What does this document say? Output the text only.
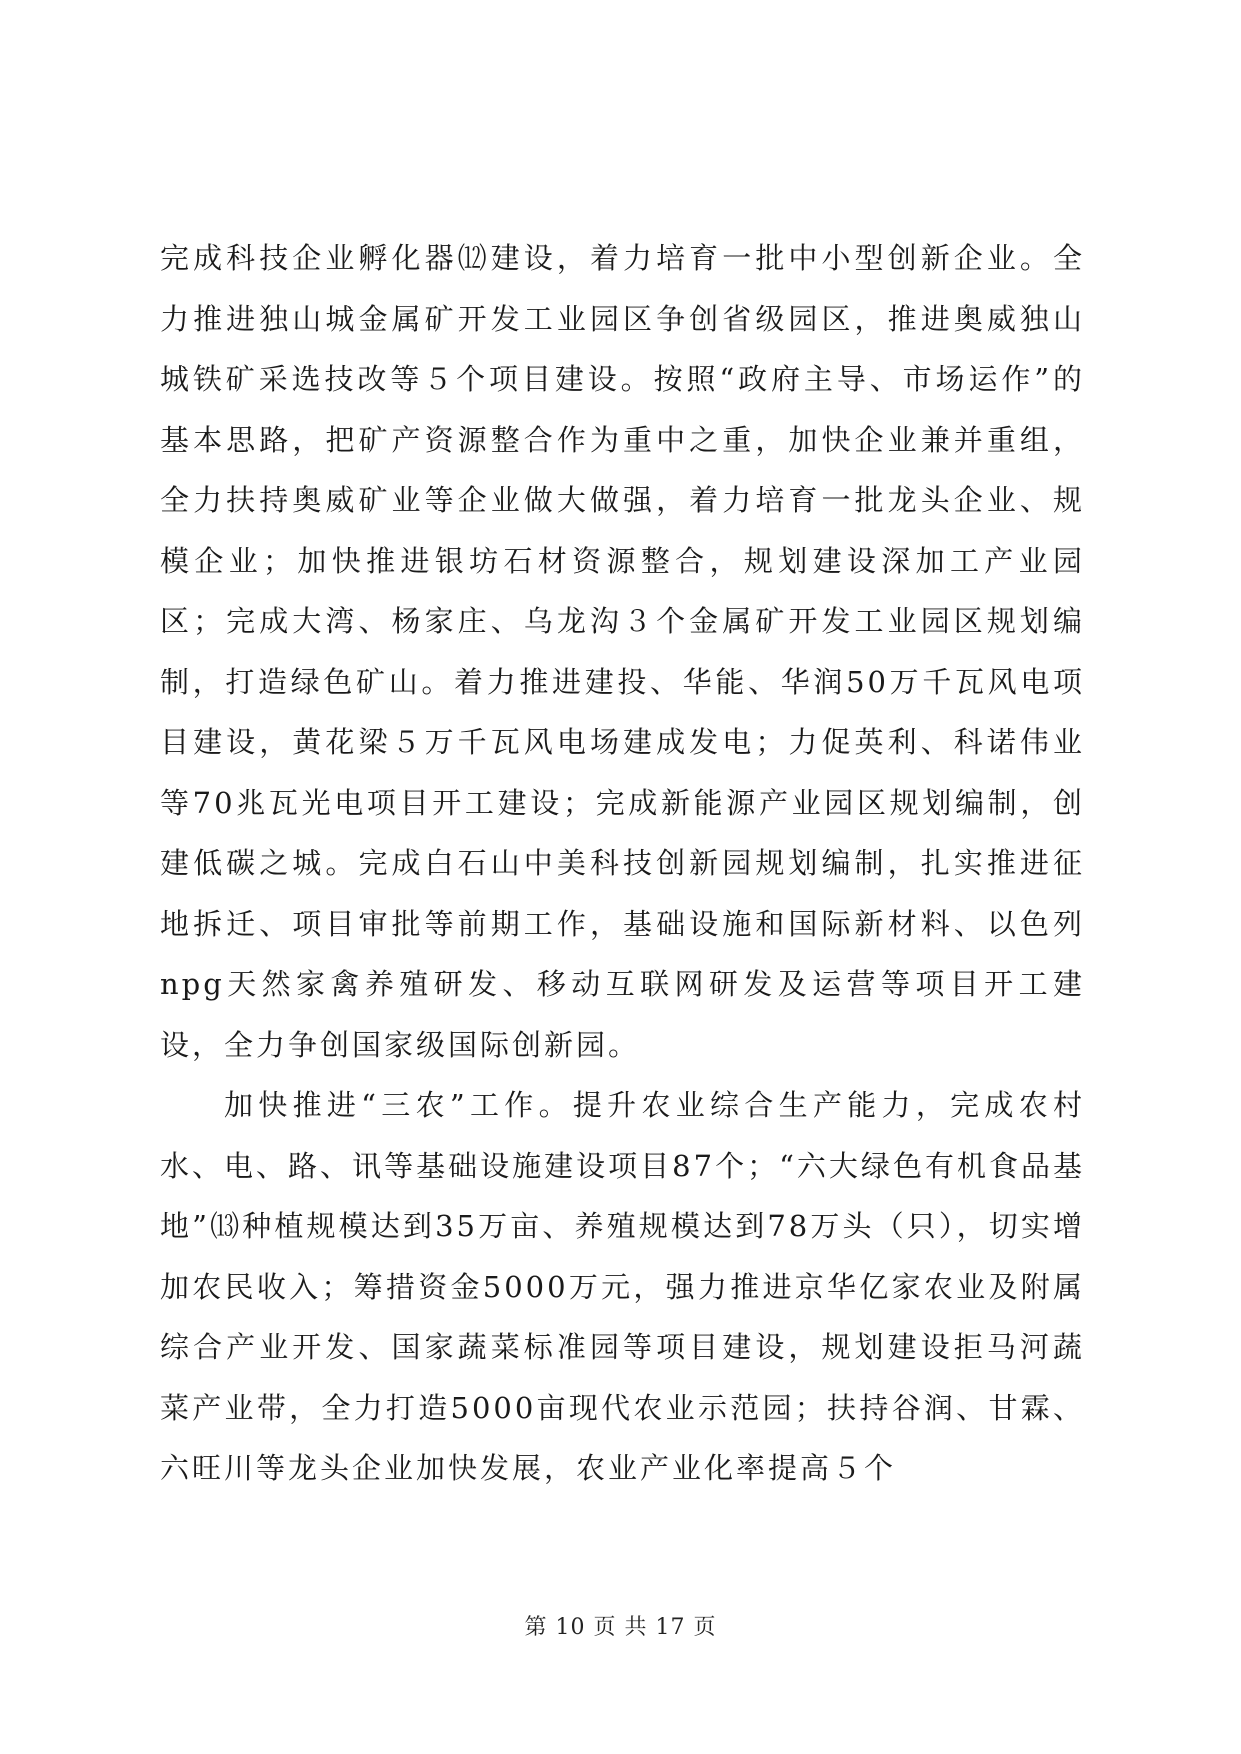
完成科技企业孵化器⑿建设，着力培育一批中小型创新企业。全力推进独山城金属矿开发工业园区争创省级园区，推进奥威独山城铁矿采选技改等５个项目建设。按照“政府主导、市场运作”的基本思路，把矿产资源整合作为重中之重，加快企业兼并重组，全力扶持奥威矿业等企业做大做强，着力培育一批龙头企业、规模企业；加快推进银坊石材资源整合，规划建设深加工产业园区；完成大湾、杨家庄、乌龙沟３个金属矿开发工业园区规划编制，打造绿色矿山。着力推进建投、华能、华润50万千瓦风电项目建设，黄花梁５万千瓦风电场建成发电；力促英利、科诺伟业等70兆瓦光电项目开工建设；完成新能源产业园区规划编制，创建低碳之城。完成白石山中美科技创新园规划编制，扎实推进征地拆迁、项目审批等前期工作，基础设施和国际新材料、以色列npg天然家禽养殖研发、移动互联网研发及运营等项目开工建设，全力争创国家级国际创新园。

加快推进“三农”工作。提升农业综合生产能力，完成农村水、电、路、讯等基础设施建设项目87个；“六大绿色有机食品基地”⒀种植规模达到35万亩、养殖规模达到78万头（只），切实增加农民收入；筹措资金5000万元，强力推进京华亿家农业及附属综合产业开发、国家蔬菜标准园等项目建设，规划建设拒马河蔬菜产业带，全力打造5000亩现代农业示范园；扶持谷润、甘霖、六旺川等龙头企业加快发展，农业产业化率提高５个

第 10 页 共 17 页
